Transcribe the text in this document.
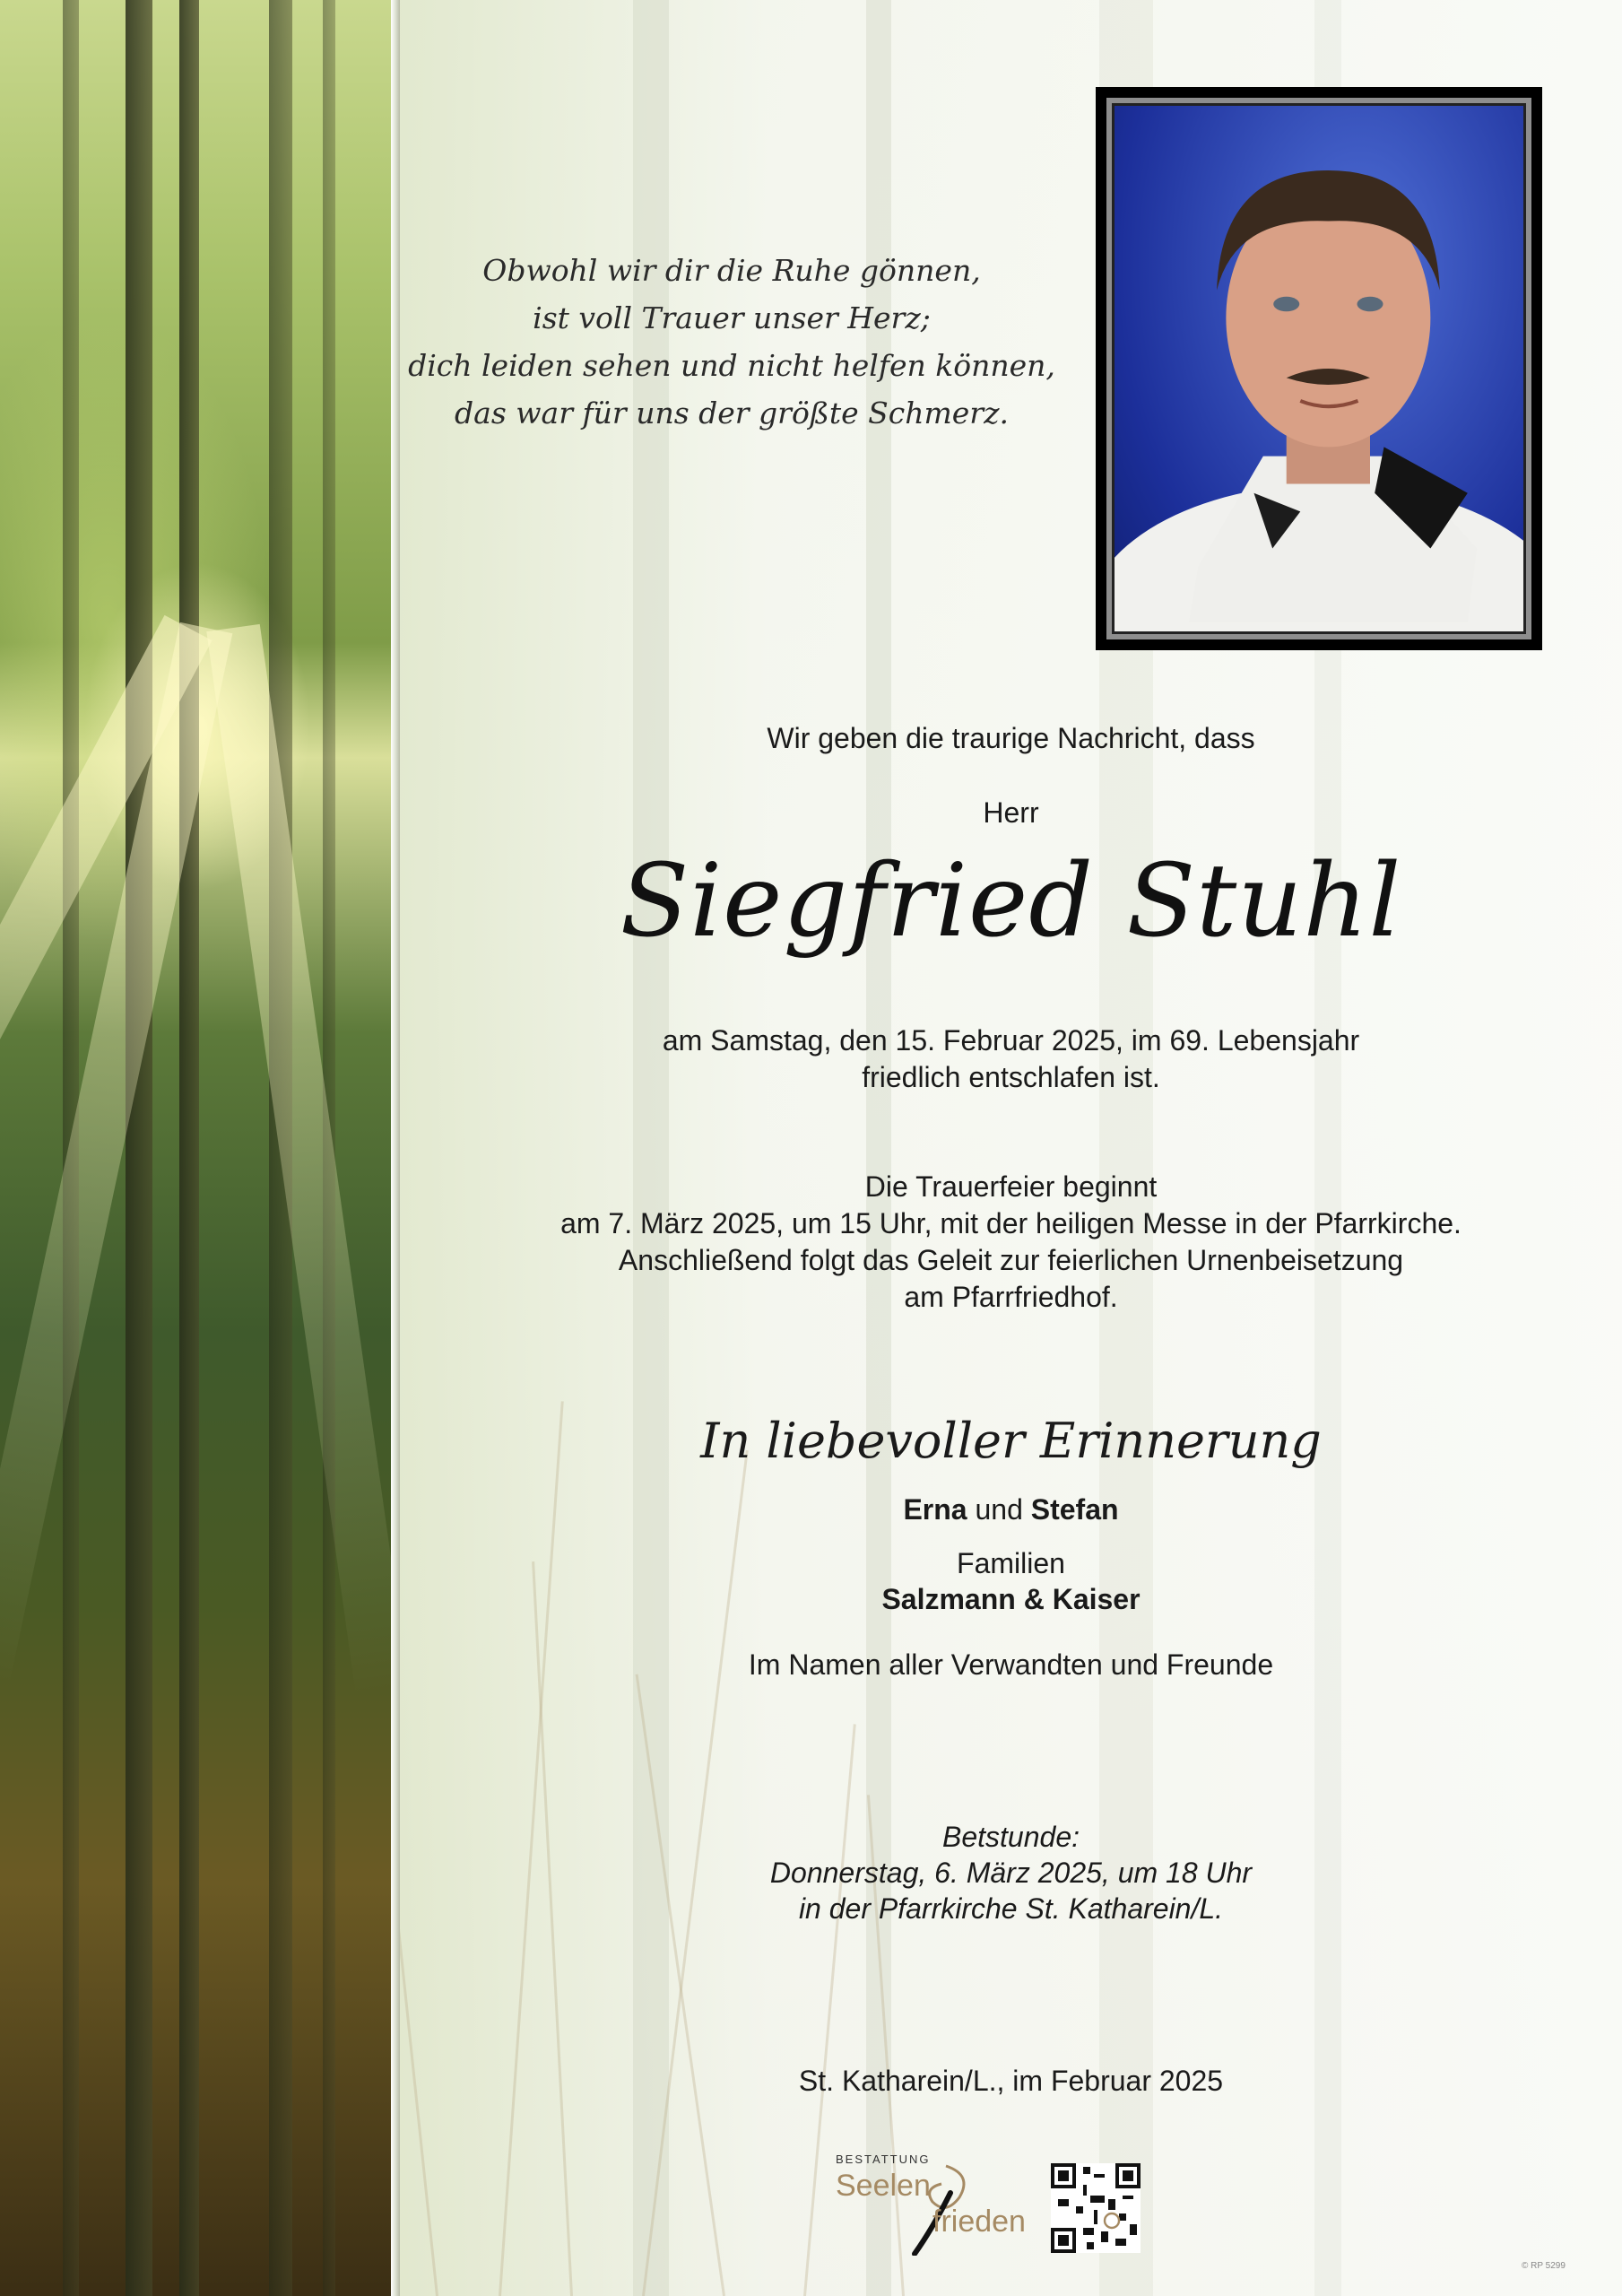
Obwohl wir dir die Ruhe gönnen,
ist voll Trauer unser Herz;
dich leiden sehen und nicht helfen können,
das war für uns der größte Schmerz.
Wir geben die traurige Nachricht, dass
Herr
Siegfried Stuhl
am Samstag, den 15. Februar 2025, im 69. Lebensjahr
friedlich entschlafen ist.
Die Trauerfeier beginnt
am 7. März 2025, um 15 Uhr, mit der heiligen Messe in der Pfarrkirche.
Anschließend folgt das Geleit zur feierlichen Urnenbeisetzung
am Pfarrfriedhof.
In liebevoller Erinnerung
Erna und Stefan
Familien
Salzmann & Kaiser
Im Namen aller Verwandten und Freunde
Betstunde:
Donnerstag, 6. März 2025, um 18 Uhr
in der Pfarrkirche St. Katharein/L.
St. Katharein/L., im Februar 2025
BESTATTUNG
Seelen
frieden
© RP 5299
